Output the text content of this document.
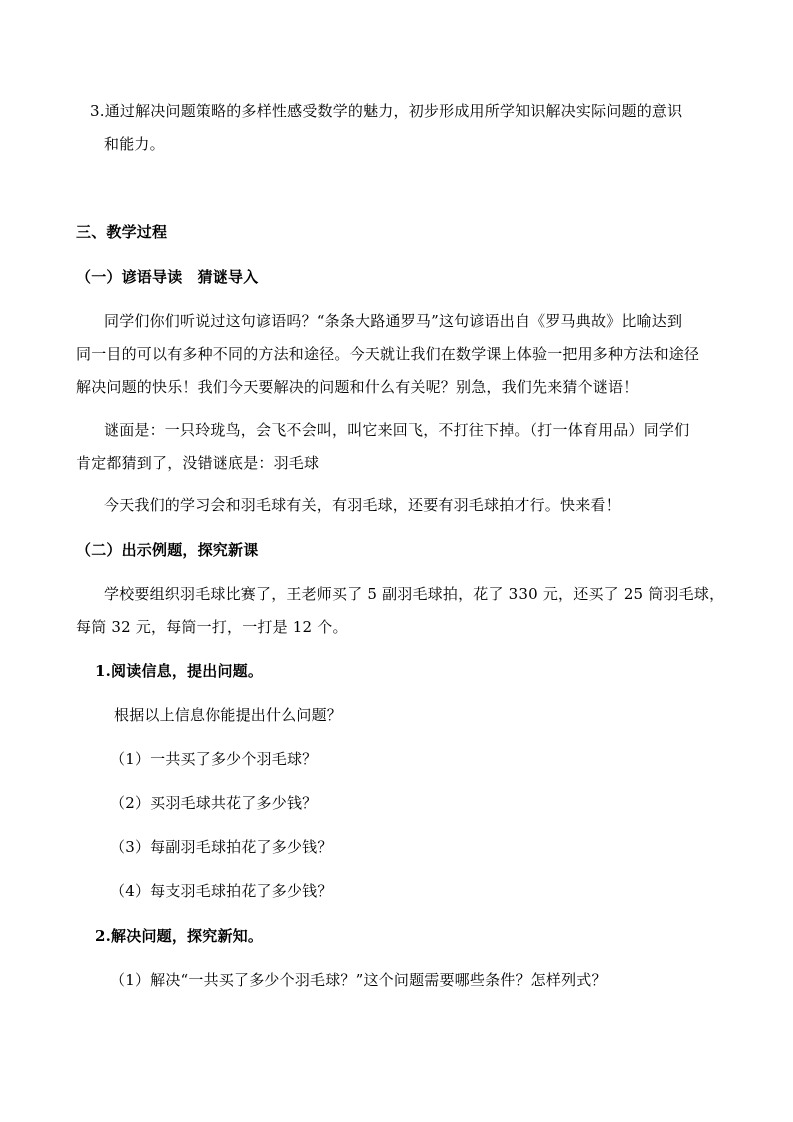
3.通过解决问题策略的多样性感受数学的魅力，初步形成用所学知识解决实际问题的意识
和能力。
三、教学过程
（一）谚语导读　猜谜导入
同学们你们听说过这句谚语吗？“条条大路通罗马”这句谚语出自《罗马典故》比喻达到
同一目的可以有多种不同的方法和途径。今天就让我们在数学课上体验一把用多种方法和途径
解决问题的快乐！我们今天要解决的问题和什么有关呢？别急，我们先来猜个谜语！
谜面是：一只玲珑鸟，会飞不会叫，叫它来回飞，不打往下掉。（打一体育用品）同学们
肯定都猜到了，没错谜底是：羽毛球
今天我们的学习会和羽毛球有关，有羽毛球，还要有羽毛球拍才行。快来看！
（二）出示例题，探究新课
学校要组织羽毛球比赛了，王老师买了 5 副羽毛球拍，花了 330 元，还买了 25 筒羽毛球，
每筒 32 元，每筒一打，一打是 12 个。
1.阅读信息，提出问题。
根据以上信息你能提出什么问题？
（1）一共买了多少个羽毛球？
（2）买羽毛球共花了多少钱？
（3）每副羽毛球拍花了多少钱？
（4）每支羽毛球拍花了多少钱？
2.解决问题，探究新知。
（1）解决“一共买了多少个羽毛球？”这个问题需要哪些条件？怎样列式？
